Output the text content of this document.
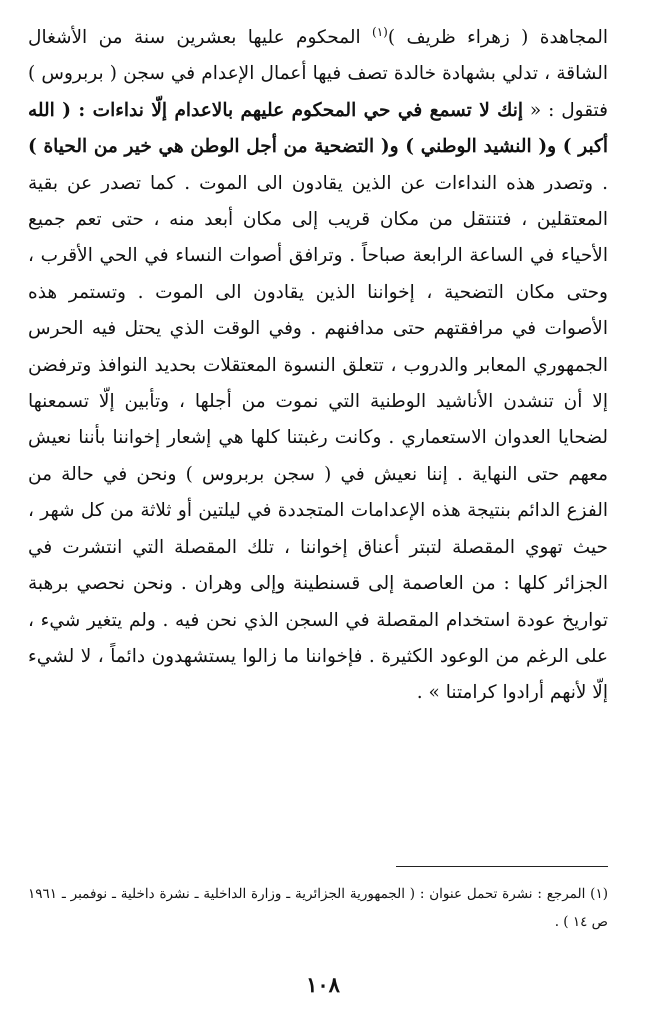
المجاهدة ( زهراء ظريف )$^{(١)}$ المحكوم عليها بعشرين سنة من الأشغال الشاقة ، تدلي بشهادة خالدة تصف فيها أعمال الإعدام في سجن ( بربروس ) فتقول : « إنك لا تسمع في حي المحكوم عليهم بالاعدام إلّا نداءات : ( الله أكبر ) و( النشيد الوطني ) و( التضحية من أجل الوطن هي خير من الحياة ) . وتصدر هذه النداءات عن الذين يقادون الى الموت . كما تصدر عن بقية المعتقلين ، فتنتقل من مكان قريب إلى مكان أبعد منه ، حتى تعم جميع الأحياء في الساعة الرابعة صباحاً . وترافق أصوات النساء في الحي الأقرب ، وحتى مكان التضحية ، إخواننا الذين يقادون الى الموت . وتستمر هذه الأصوات في مرافقتهم حتى مدافنهم . وفي الوقت الذي يحتل فيه الحرس الجمهوري المعابر والدروب ، تتعلق النسوة المعتقلات بحديد النوافذ وترفضن إلا أن تنشدن الأناشيد الوطنية التي نموت من أجلها ، وتأبين إلّا تسمعنها لضحايا العدوان الاستعماري . وكانت رغبتنا كلها هي إشعار إخواننا بأننا نعيش معهم حتى النهاية . إننا نعيش في ( سجن بربروس ) ونحن في حالة من الفزع الدائم بنتيجة هذه الإعدامات المتجددة في ليلتين أو ثلاثة من كل شهر ، حيث تهوي المقصلة لتبتر أعناق إخواننا ، تلك المقصلة التي انتشرت في الجزائر كلها : من العاصمة إلى قسنطينة وإلى وهران . ونحن نحصي برهبة تواريخ عودة استخدام المقصلة في السجن الذي نحن فيه . ولم يتغير شيء ، على الرغم من الوعود الكثيرة . فإخواننا ما زالوا يستشهدون دائماً ، لا لشيء إلّا لأنهم أرادوا كرامتنا » .
(١) المرجع : نشرة تحمل عنوان : ( الجمهورية الجزائرية ـ وزارة الداخلية ـ نشرة داخلية ـ نوفمبر ـ ١٩٦١ ص ١٤ ) .
١٠٨
